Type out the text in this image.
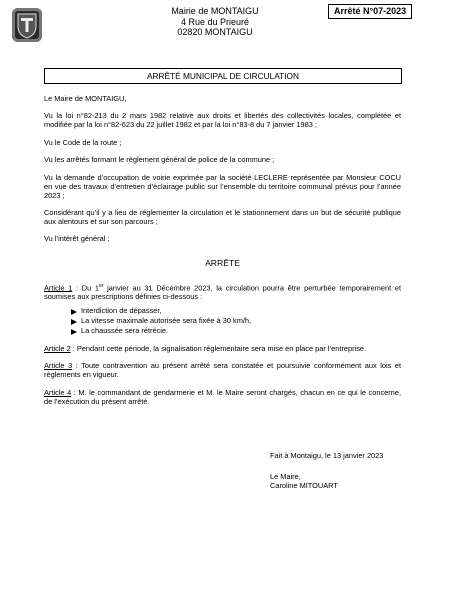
Mairie de MONTAIGU
4 Rue du Prieuré
02820 MONTAIGU
Arrêté N°07-2023
ARRÊTÉ MUNICIPAL DE CIRCULATION

Le Maire de MONTAIGU,

Vu la loi n°82-213 du 2 mars 1982 relative aux droits et libertés des collectivités locales, complétée et modifiée par la loi n°82-623 du 22 juillet 1982 et par la loi n°83-8 du 7 janvier 1983 ;

Vu le Code de la route ;

Vu les arrêtés formant le règlement général de police de la commune ;

Vu la demande d’occupation de voirie exprimée par la société LECLERE représentée par Monsieur COCU en vue des travaux d’entretien d’éclairage public sur l’ensemble du territoire communal prévus pour l’année 2023 ;

Considérant qu’il y a lieu de réglementer la circulation et le stationnement dans un but de sécurité publique aux alentours et sur son parcours ;

Vu l’intérêt général ;

ARRÊTE

Article 1 : Du 1er janvier au 31 Décembre 2023, la circulation pourra être perturbée temporairement et soumises aux prescriptions définies ci-dessous :

Interdiction de dépasser,
La vitesse maximale autorisée sera fixée à 30 km/h,
La chaussée sera rétrécie.

Article 2 : Pendant cette période, la signalisation réglementaire sera mise en place par l’entreprise.

Article 3 : Toute contravention au présent arrêté sera constatée et poursuivie conformément aux lois et règlements en vigueur.

Article 4 : M. le commandant de gendarmerie et M. le Maire seront chargés, chacun en ce qui le concerne, de l’exécution du présent arrêté.

Fait à Montaigu, le 13 janvier 2023
Le Maire,
Caroline MITOUART
